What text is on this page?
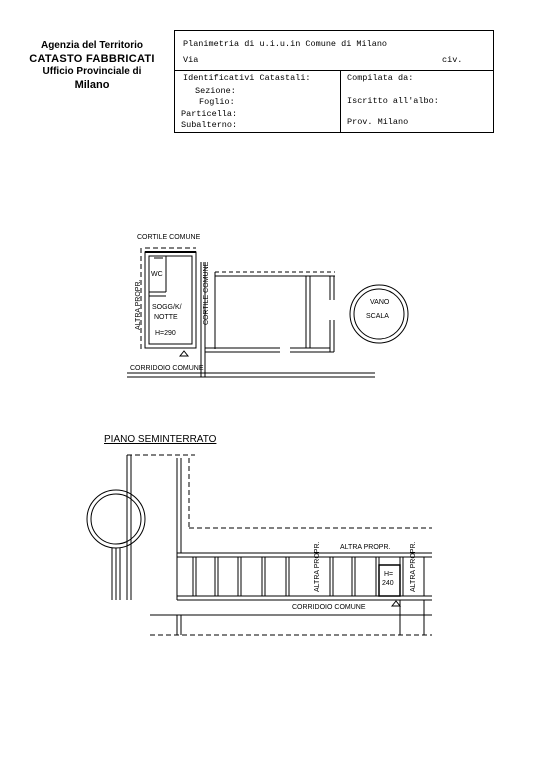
Agenzia del Territorio
CATASTO FABBRICATI
Ufficio Provinciale di
Milano
Planimetria di u.i.u.in Comune di Milano
Via	civ.
Identificativi Catastali:
Sezione:
Foglio:
Particella:
Subalterno:
Compilata da:
Iscritto all'albo:
Prov. Milano
CORTILE COMUNE
ALTRA PROPR.
WC
SOGG/K/
NOTTE
H=290
CORTILE COMUNE	VANO
SCALA
CORRIDOIO COMUNE
PIANO SEMINTERRATO
ALTRA PROPR.
ALTRA PROPR.	ALTRA PROPR.
H=
240
CORRIDOIO COMUNE
